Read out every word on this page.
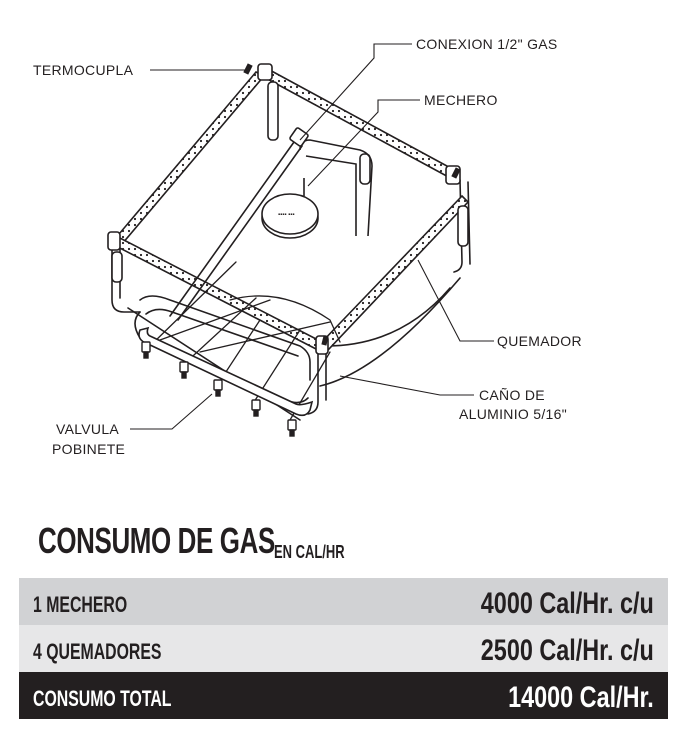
▪▪▪▪ ▪▪▪
TERMOCUPLA
CONEXION 1/2" GAS
MECHERO
QUEMADOR
CAÑO DE
ALUMINIO 5/16"
VALVULA
POBINETE
CONSUMO DE GAS EN CAL/HR
1 MECHERO	4000 Cal/Hr. c/u
4 QUEMADORES	2500 Cal/Hr. c/u
CONSUMO TOTAL	14000 Cal/Hr.
